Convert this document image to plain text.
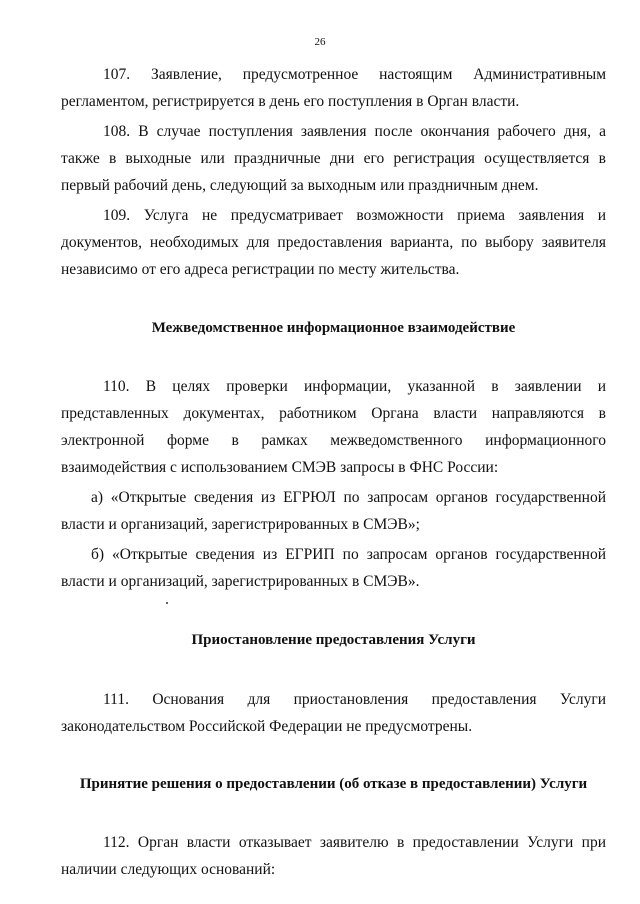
26

107. Заявление, предусмотренное настоящим Административным регламентом, регистрируется в день его поступления в Орган власти.

108. В случае поступления заявления после окончания рабочего дня, а также в выходные или праздничные дни его регистрация осуществляется в первый рабочий день, следующий за выходным или праздничным днем.

109. Услуга не предусматривает возможности приема заявления и документов, необходимых для предоставления варианта, по выбору заявителя независимо от его адреса регистрации по месту жительства.

Межведомственное информационное взаимодействие

110. В целях проверки информации, указанной в заявлении и представленных документах, работником Органа власти направляются в электронной форме в рамках межведомственного информационного взаимодействия с использованием СМЭВ запросы в ФНС России:

а) «Открытые сведения из ЕГРЮЛ по запросам органов государственной власти и организаций, зарегистрированных в СМЭВ»;

б) «Открытые сведения из ЕГРИП по запросам органов государственной власти и организаций, зарегистрированных в СМЭВ».

Приостановление предоставления Услуги

111. Основания для приостановления предоставления Услуги законодательством Российской Федерации не предусмотрены.

Принятие решения о предоставлении (об отказе в предоставлении) Услуги

112. Орган власти отказывает заявителю в предоставлении Услуги при наличии следующих оснований:
